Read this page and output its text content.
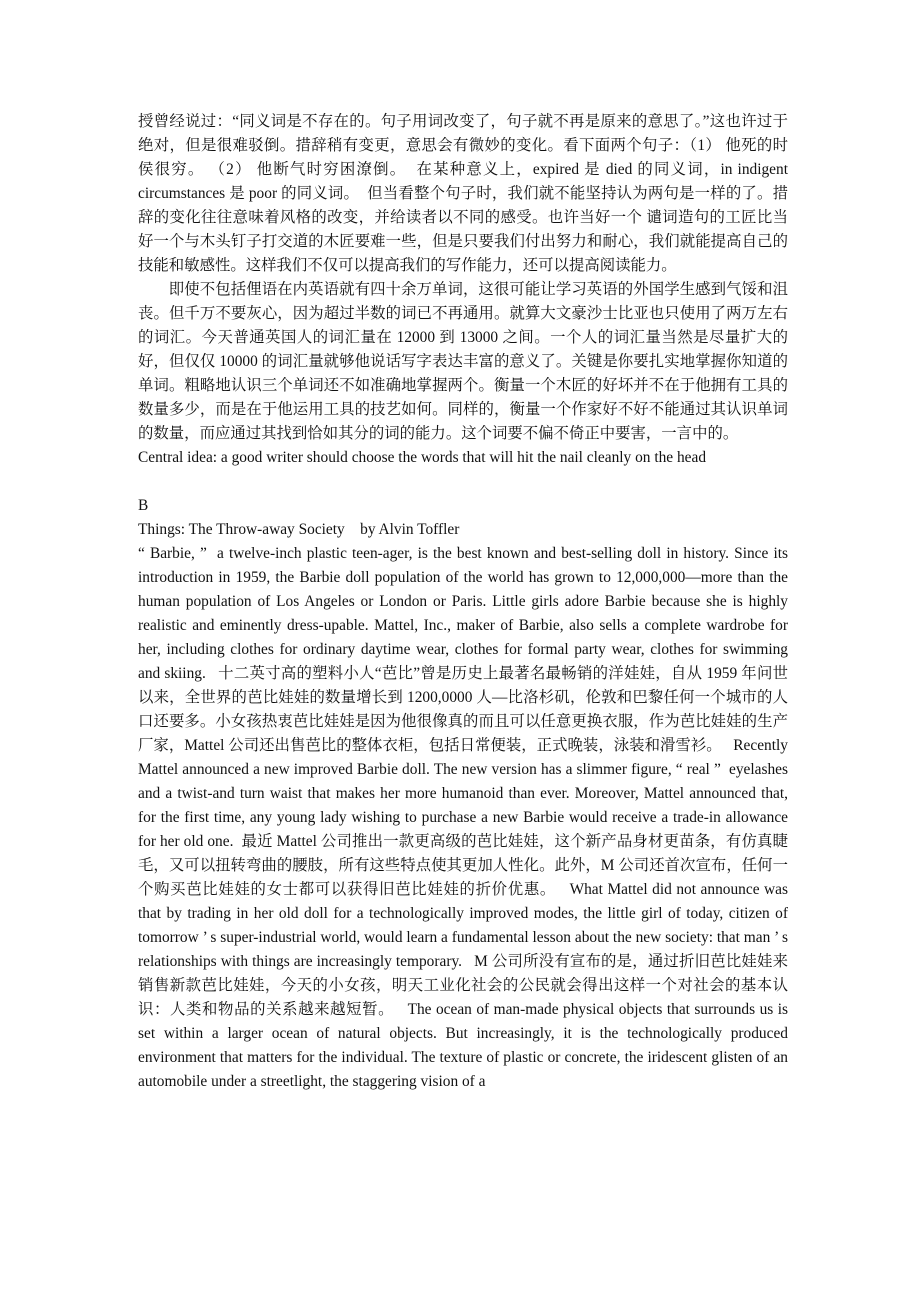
授曾经说过：“同义词是不存在的。句子用词改变了，句子就不再是原来的意思了。”这也许过于绝对，但是很难驳倒。措辞稍有变更，意思会有微妙的变化。看下面两个句子：（1） 他死的时侯很穷。 （2） 他断气时穷困潦倒。  在某种意义上，expired 是 died 的同义词，in indigent circumstances 是 poor 的同义词。  但当看整个句子时，我们就不能坚持认为两句是一样的了。措辞的变化往往意味着风格的改变，并给读者以不同的感受。也许当好一个 谴词造句的工匠比当好一个与木头钉子打交道的木匠要难一些，但是只要我们付出努力和耐心，我们就能提高自己的技能和敏感性。这样我们不仅可以提高我们的写作能力，还可以提高阅读能力。

即使不包括俚语在内英语就有四十余万单词，这很可能让学习英语的外国学生感到气馁和沮丧。但千万不要灰心，因为超过半数的词已不再通用。就算大文豪沙士比亚也只使用了两万左右的词汇。今天普通英国人的词汇量在 12000 到 13000 之间。一个人的词汇量当然是尽量扩大的好，但仅仅 10000 的词汇量就够他说话写字表达丰富的意义了。关键是你要扎实地掌握你知道的单词。粗略地认识三个单词还不如准确地掌握两个。衡量一个木匠的好坏并不在于他拥有工具的数量多少，而是在于他运用工具的技艺如何。同样的，衡量一个作家好不好不能通过其认识单词的数量，而应通过其找到恰如其分的词的能力。这个词要不偏不倚正中要害，一言中的。

Central idea: a good writer should choose the words that will hit the nail cleanly on the head

B

Things: The Throw-away Society    by Alvin Toffler

“ Barbie, ”  a twelve-inch plastic teen-ager, is the best known and best-selling doll in history. Since its introduction in 1959, the Barbie doll population of the world has grown to 12,000,000—more than the human population of Los Angeles or London or Paris. Little girls adore Barbie because she is highly realistic and eminently dress-upable. Mattel, Inc., maker of Barbie, also sells a complete wardrobe for her, including clothes for ordinary daytime wear, clothes for formal party wear, clothes for swimming and skiing.   十二英寸高的塑料小人“芭比”曾是历史上最著名最畅销的洋娃娃，自从 1959 年问世以来，全世界的芭比娃娃的数量增长到 1200,0000 人—比洛杉矶，伦敦和巴黎任何一个城市的人口还要多。小女孩热衷芭比娃娃是因为他很像真的而且可以任意更换衣服，作为芭比娃娃的生产厂家，Mattel 公司还出售芭比的整体衣柜，包括日常便装，正式晚装，泳装和滑雪衫。   Recently Mattel announced a new improved Barbie doll. The new version has a slimmer figure, “ real ”  eyelashes and a twist-and turn waist that makes her more humanoid than ever. Moreover, Mattel announced that, for the first time, any young lady wishing to purchase a new Barbie would receive a trade-in allowance for her old one.  最近 Mattel 公司推出一款更高级的芭比娃娃，这个新产品身材更苗条，有仿真睫毛，又可以扭转弯曲的腰肢，所有这些特点使其更加人性化。此外，M 公司还首次宣布，任何一个购买芭比娃娃的女士都可以获得旧芭比娃娃的折价优惠。   What Mattel did not announce was that by trading in her old doll for a technologically improved modes, the little girl of today, citizen of tomorrow ’ s super-industrial world, would learn a fundamental lesson about the new society: that man ’ s relationships with things are increasingly temporary.   M 公司所没有宣布的是，通过折旧芭比娃娃来销售新款芭比娃娃，今天的小女孩，明天工业化社会的公民就会得出这样一个对社会的基本认识：人类和物品的关系越来越短暂。   The ocean of man-made physical objects that surrounds us is set within a larger ocean of natural objects. But increasingly, it is the technologically produced environment that matters for the individual. The texture of plastic or concrete, the iridescent glisten of an automobile under a streetlight, the staggering vision of a
